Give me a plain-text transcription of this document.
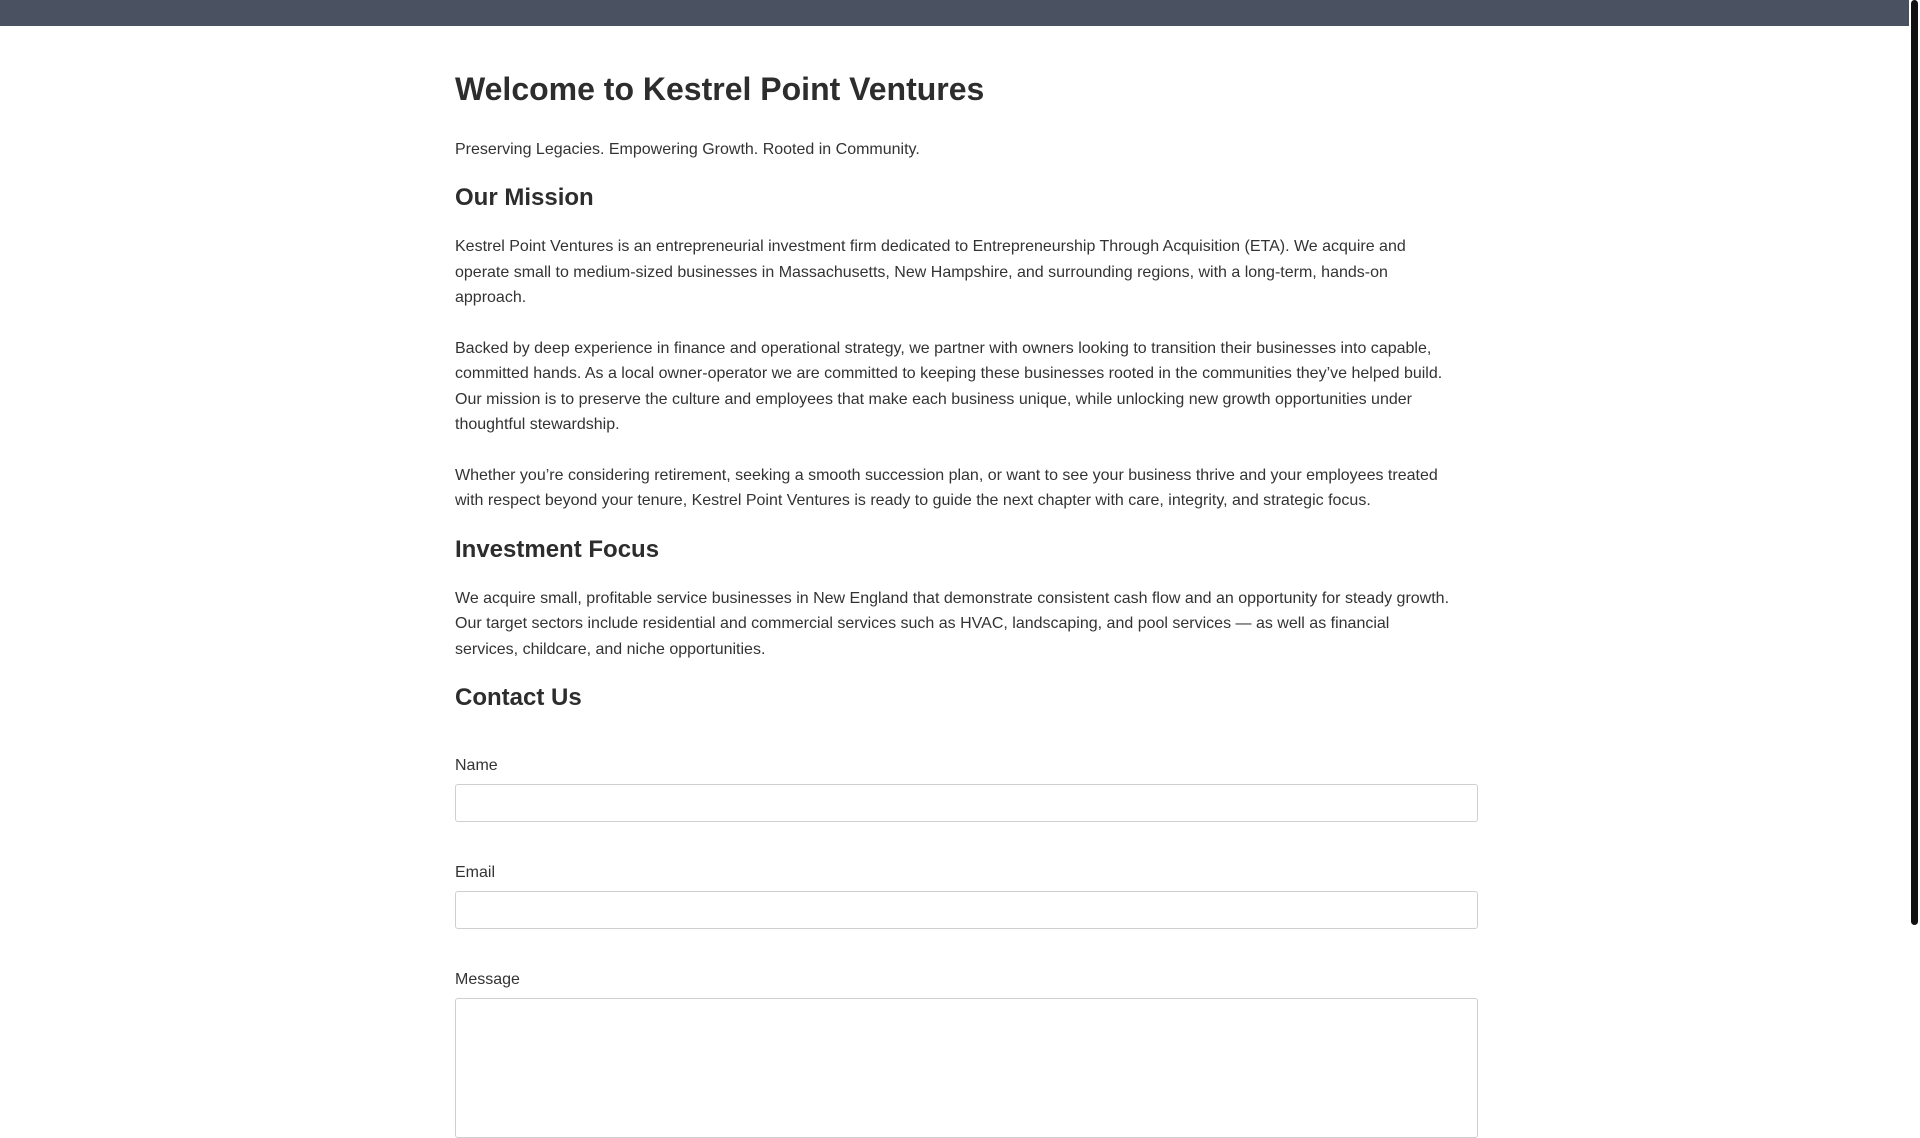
Welcome to Kestrel Point Ventures

Preserving Legacies. Empowering Growth. Rooted in Community.

Our Mission

Kestrel Point Ventures is an entrepreneurial investment firm dedicated to Entrepreneurship Through Acquisition (ETA). We acquire and operate small to medium-sized businesses in Massachusetts, New Hampshire, and surrounding regions, with a long-term, hands-on approach.

Backed by deep experience in finance and operational strategy, we partner with owners looking to transition their businesses into capable, committed hands. As a local owner-operator we are committed to keeping these businesses rooted in the communities they’ve helped build. Our mission is to preserve the culture and employees that make each business unique, while unlocking new growth opportunities under thoughtful stewardship.

Whether you’re considering retirement, seeking a smooth succession plan, or want to see your business thrive and your employees treated with respect beyond your tenure, Kestrel Point Ventures is ready to guide the next chapter with care, integrity, and strategic focus.

Investment Focus

We acquire small, profitable service businesses in New England that demonstrate consistent cash flow and an opportunity for steady growth. Our target sectors include residential and commercial services such as HVAC, landscaping, and pool services — as well as financial services, childcare, and niche opportunities.

Contact Us
Name
Email
Message
